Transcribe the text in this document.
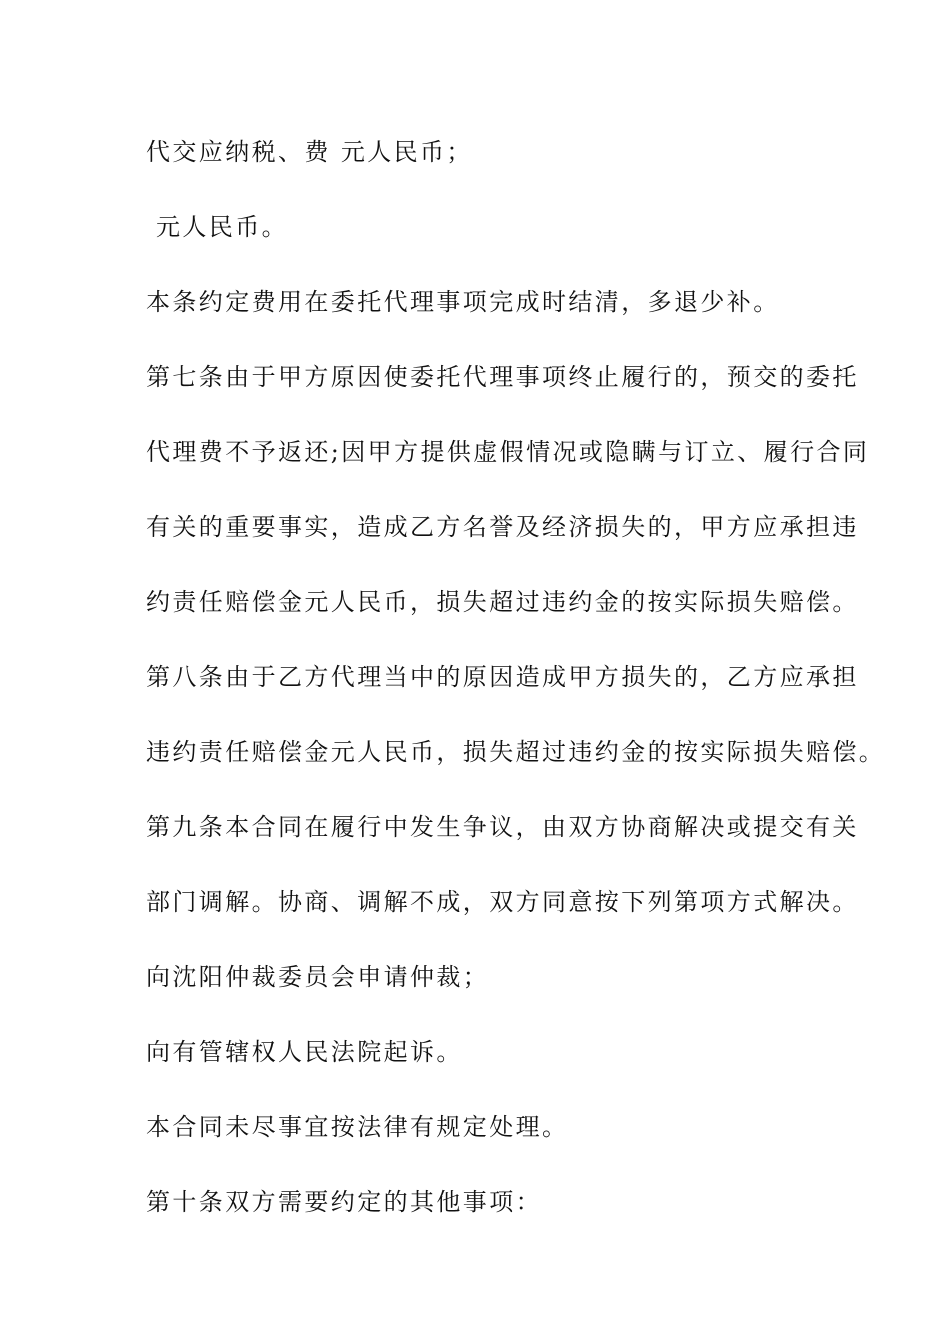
代交应纳税、费 元人民币；
元人民币。
本条约定费用在委托代理事项完成时结清，多退少补。
第七条由于甲方原因使委托代理事项终止履行的，预交的委托
代理费不予返还;因甲方提供虚假情况或隐瞒与订立、履行合同
有关的重要事实，造成乙方名誉及经济损失的，甲方应承担违
约责任赔偿金元人民币，损失超过违约金的按实际损失赔偿。
第八条由于乙方代理当中的原因造成甲方损失的，乙方应承担
违约责任赔偿金元人民币，损失超过违约金的按实际损失赔偿。
第九条本合同在履行中发生争议，由双方协商解决或提交有关
部门调解。协商、调解不成，双方同意按下列第项方式解决。
向沈阳仲裁委员会申请仲裁；
向有管辖权人民法院起诉。
本合同未尽事宜按法律有规定处理。
第十条双方需要约定的其他事项：
